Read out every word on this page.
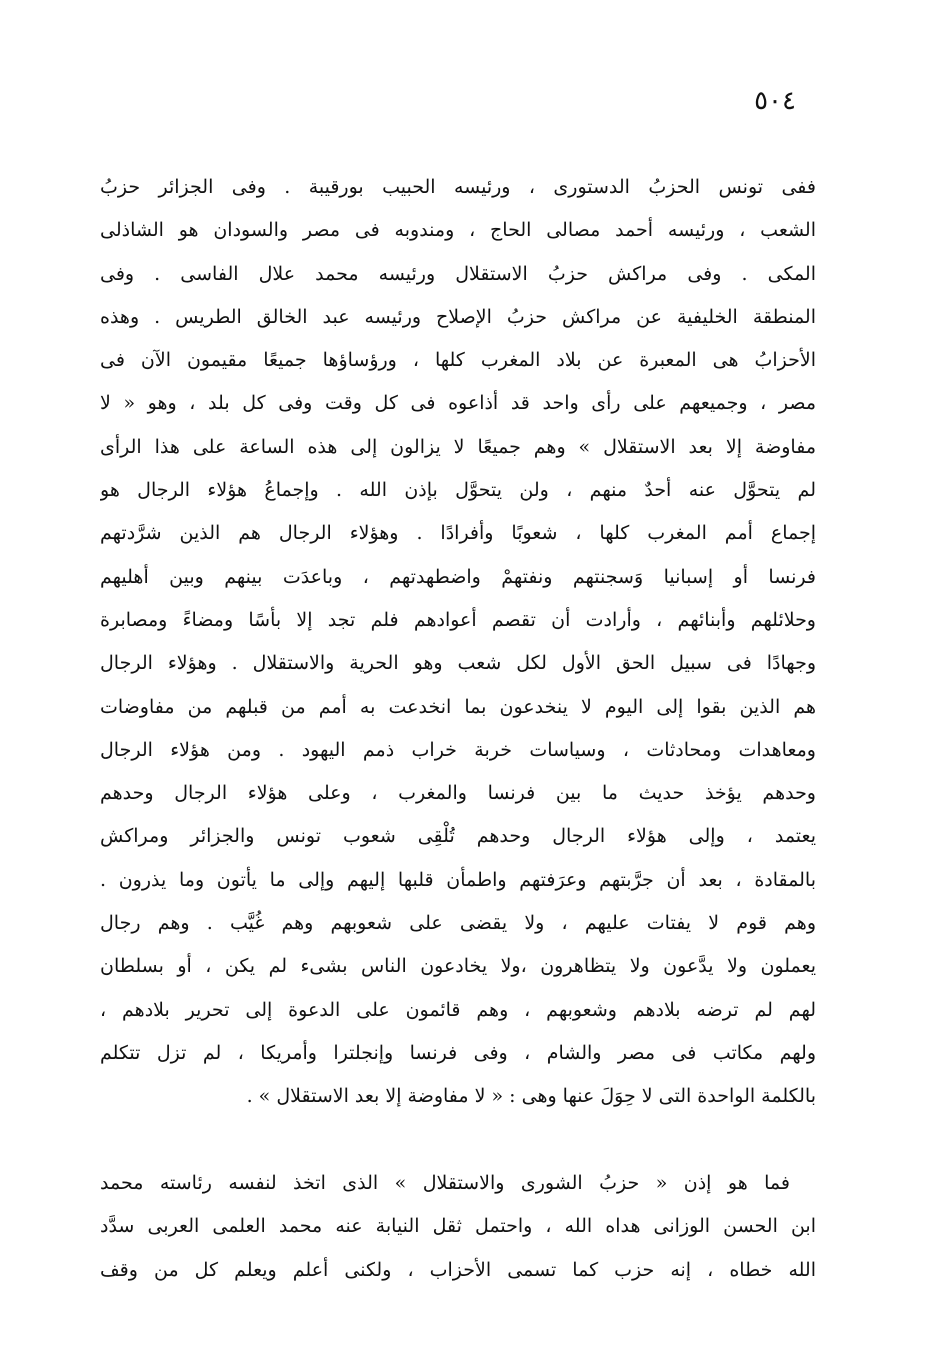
٥٠٤
ففى تونس الحزبُ الدستورى ، ورئيسه الحبيب بورقيبة . وفى الجزائر حزبُ
الشعب ، ورئيسه أحمد مصالى الحاج ، ومندوبه فى مصر والسودان هو الشاذلى
المكى . وفى مراكش حزبُ الاستقلال ورئيسه محمد علال الفاسى . وفى
المنطقة الخليفية عن مراكش حزبُ الإصلاح ورئيسه عبد الخالق الطريس . وهذه
الأحزابُ هى المعبرة عن بلاد المغرب كلها ، ورؤساؤها جميعًا مقيمون الآن فى
مصر ، وجميعهم على رأى واحد قد أذاعوه فى كل وقت وفى كل بلد ، وهو « لا
مفاوضة إلا بعد الاستقلال » وهم جميعًا لا يزالون إلى هذه الساعة على هذا الرأى
لم يتحوَّل عنه أحدٌ منهم ، ولن يتحوَّل بإذن الله . وإجماعُ هؤلاء الرجال هو
إجماع أمم المغرب كلها ، شعوبًا وأفرادًا . وهؤلاء الرجال هم الذين شرَّدتهم
فرنسا أو إسبانيا وَسجنتهم ونفتهمْ واضطهدتهم ، وباعدَت بينهم وبين أهليهم
وحلائلهم وأبنائهم ، وأرادت أن تقصم أعوادهم فلم تجد إلا بأسًا ومضاءً ومصابرة
وجهادًا فى سبيل الحق الأول لكل شعب وهو الحرية والاستقلال . وهؤلاء الرجال
هم الذين بقوا إلى اليوم لا ينخدعون بما انخدعت به أمم من قبلهم من مفاوضات
ومعاهدات ومحادثات ، وسياسات خربة خراب ذمم اليهود . ومن هؤلاء الرجال
وحدهم يؤخذ حديث ما بين فرنسا والمغرب ، وعلى هؤلاء الرجال وحدهم
يعتمد ، وإلى هؤلاء الرجال وحدهم تُلْقِى شعوب تونس والجزائر ومراكش
بالمقادة ، بعد أن جرَّبتهم وعرَفتهم واطمأن قلبها إليهم وإلى ما يأتون وما يذرون .
وهم قوم لا يفتات عليهم ، ولا يقضى على شعوبهم وهم غُيَّب . وهم رجال
يعملون ولا يدَّعون ولا يتظاهرون ،ولا يخادعون الناس بشىء لم يكن ، أو بسلطان
لهم لم ترضه بلادهم وشعوبهم ، وهم قائمون على الدعوة إلى تحرير بلادهم ،
ولهم مكاتب فى مصر والشام ، وفى فرنسا وإنجلترا وأمريكا ، لم تزل تتكلم
بالكلمة الواحدة التى لا حِوَلَ عنها وهى : « لا مفاوضة إلا بعد الاستقلال » .
فما هو إذن « حزبُ الشورى والاستقلال » الذى اتخذ لنفسه رئاسته محمد
ابن الحسن الوزانى هداه الله ، واحتمل ثقل النيابة عنه محمد العلمى العربى سدَّد
الله خطاه ، إنه حزب كما تسمى الأحزاب ، ولكنى أعلم ويعلم كل من وقف
